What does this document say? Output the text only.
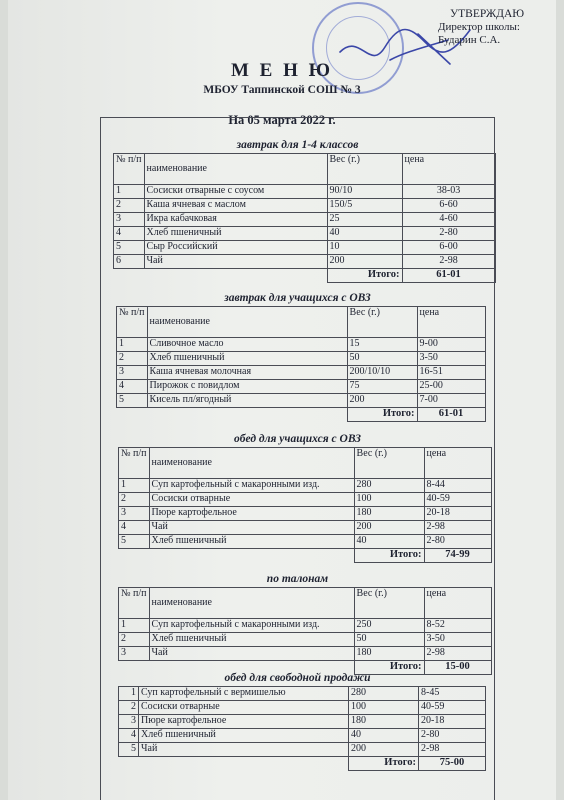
УТВЕРЖДАЮ
Директор школы:
Бударин С.А.
М Е Н Ю
МБОУ Таппинской СОШ № 3
На 05 марта 2022 г.
завтрак для 1-4 классов
№ п/п	наименование	Вес (г.)	цена
1	Сосиски отварные с соусом	90/10	38-03
2	Каша ячневая с маслом	150/5	6-60
3	Икра кабачковая	25	4-60
4	Хлеб пшеничный	40	2-80
5	Сыр Российский	10	6-00
6	Чай	200	2-98
		Итого:	61-01
завтрак для учащихся с ОВЗ
№ п/п	наименование	Вес (г.)	цена
1	Сливочное масло	15	9-00
2	Хлеб пшеничный	50	3-50
3	Каша ячневая молочная	200/10/10	16-51
4	Пирожок с повидлом	75	25-00
5	Кисель пл/ягодный	200	7-00
		Итого:	61-01
обед для учащихся с ОВЗ
№ п/п	наименование	Вес (г.)	цена
1	Суп картофельный с макаронными изд.	280	8-44
2	Сосиски отварные	100	40-59
3	Пюре картофельное	180	20-18
4	Чай	200	2-98
5	Хлеб пшеничный	40	2-80
		Итого:	74-99
по талонам
№ п/п	наименование	Вес (г.)	цена
1	Суп картофельный с макаронными изд.	250	8-52
2	Хлеб пшеничный	50	3-50
3	Чай	180	2-98
		Итого:	15-00
обед для свободной продажи
1	Суп картофельный с вермишелью	280	8-45
2	Сосиски отварные	100	40-59
3	Пюре картофельное	180	20-18
4	Хлеб пшеничный	40	2-80
5	Чай	200	2-98
		Итого:	75-00
